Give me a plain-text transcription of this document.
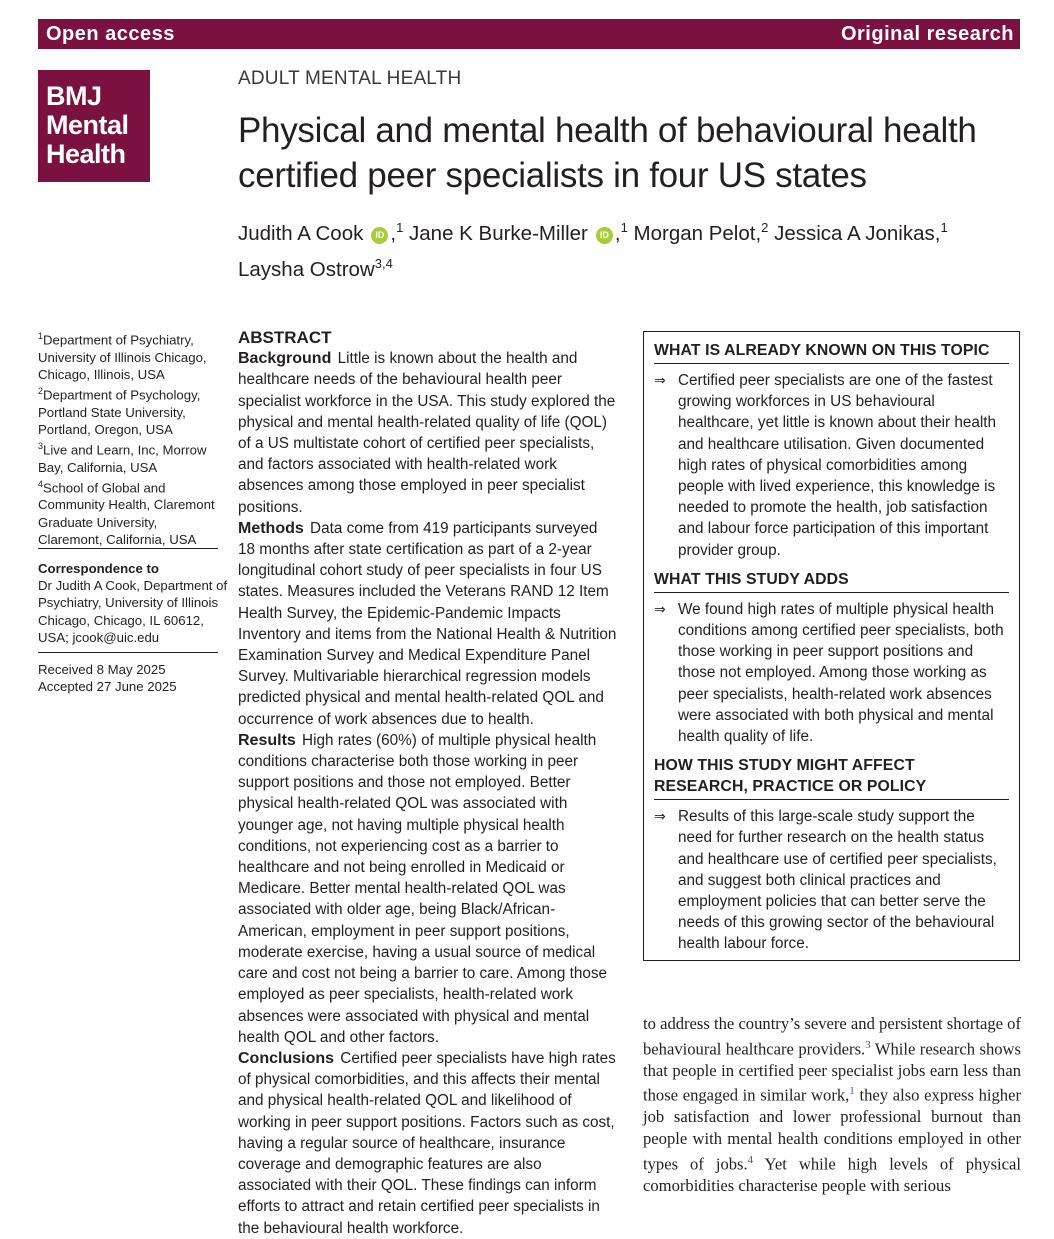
Open access	Original research
BMJ
Mental
Health
ADULT MENTAL HEALTH
Physical and mental health of behavioural health certified peer specialists in four US states
Judith A Cook ID ,$^1$ Jane K Burke-Miller ID ,$^1$ Morgan Pelot,$^2$ Jessica A Jonikas,$^1$
Laysha Ostrow$^{3,4}$
$^1$Department of Psychiatry, University of Illinois Chicago, Chicago, Illinois, USA
$^2$Department of Psychology, Portland State University, Portland, Oregon, USA
$^3$Live and Learn, Inc, Morrow Bay, California, USA
$^4$School of Global and Community Health, Claremont Graduate University, Claremont, California, USA
Correspondence to
Dr Judith A Cook, Department of Psychiatry, University of Illinois Chicago, Chicago, IL 60612, USA; jcook@uic.edu
Received 8 May 2025
Accepted 27 June 2025
ABSTRACT
Background Little is known about the health and healthcare needs of the behavioural health peer specialist workforce in the USA. This study explored the physical and mental health-related quality of life (QOL) of a US multistate cohort of certified peer specialists, and factors associated with health-related work absences among those employed in peer specialist positions.
Methods Data come from 419 participants surveyed 18 months after state certification as part of a 2-year longitudinal cohort study of peer specialists in four US states. Measures included the Veterans RAND 12 Item Health Survey, the Epidemic-Pandemic Impacts Inventory and items from the National Health & Nutrition Examination Survey and Medical Expenditure Panel Survey. Multivariable hierarchical regression models predicted physical and mental health-related QOL and occurrence of work absences due to health.
Results High rates (60%) of multiple physical health conditions characterise both those working in peer support positions and those not employed. Better physical health-related QOL was associated with younger age, not having multiple physical health conditions, not experiencing cost as a barrier to healthcare and not being enrolled in Medicaid or Medicare. Better mental health-related QOL was associated with older age, being Black/African-American, employment in peer support positions, moderate exercise, having a usual source of medical care and cost not being a barrier to care. Among those employed as peer specialists, health-related work absences were associated with physical and mental health QOL and other factors.
Conclusions Certified peer specialists have high rates of physical comorbidities, and this affects their mental and physical health-related QOL and likelihood of working in peer support positions. Factors such as cost, having a regular source of healthcare, insurance coverage and demographic features are also associated with their QOL. These findings can inform efforts to attract and retain certified peer specialists in the behavioural health workforce.
WHAT IS ALREADY KNOWN ON THIS TOPIC
⇒ Certified peer specialists are one of the fastest growing workforces in US behavioural healthcare, yet little is known about their health and healthcare utilisation. Given documented high rates of physical comorbidities among people with lived experience, this knowledge is needed to promote the health, job satisfaction and labour force participation of this important provider group.
WHAT THIS STUDY ADDS
⇒ We found high rates of multiple physical health conditions among certified peer specialists, both those working in peer support positions and those not employed. Among those working as peer specialists, health-related work absences were associated with both physical and mental health quality of life.
HOW THIS STUDY MIGHT AFFECT RESEARCH, PRACTICE OR POLICY
⇒ Results of this large-scale study support the need for further research on the health status and healthcare use of certified peer specialists, and suggest both clinical practices and employment policies that can better serve the needs of this growing sector of the behavioural health labour force.
to address the country’s severe and persistent shortage of behavioural healthcare providers.$^3$ While research shows that people in certified peer specialist jobs earn less than those engaged in similar work,$^1$ they also express higher job satisfaction and lower professional burnout than people with mental health conditions employed in other types of jobs.$^4$ Yet while high levels of physical comorbidities characterise people with serious
